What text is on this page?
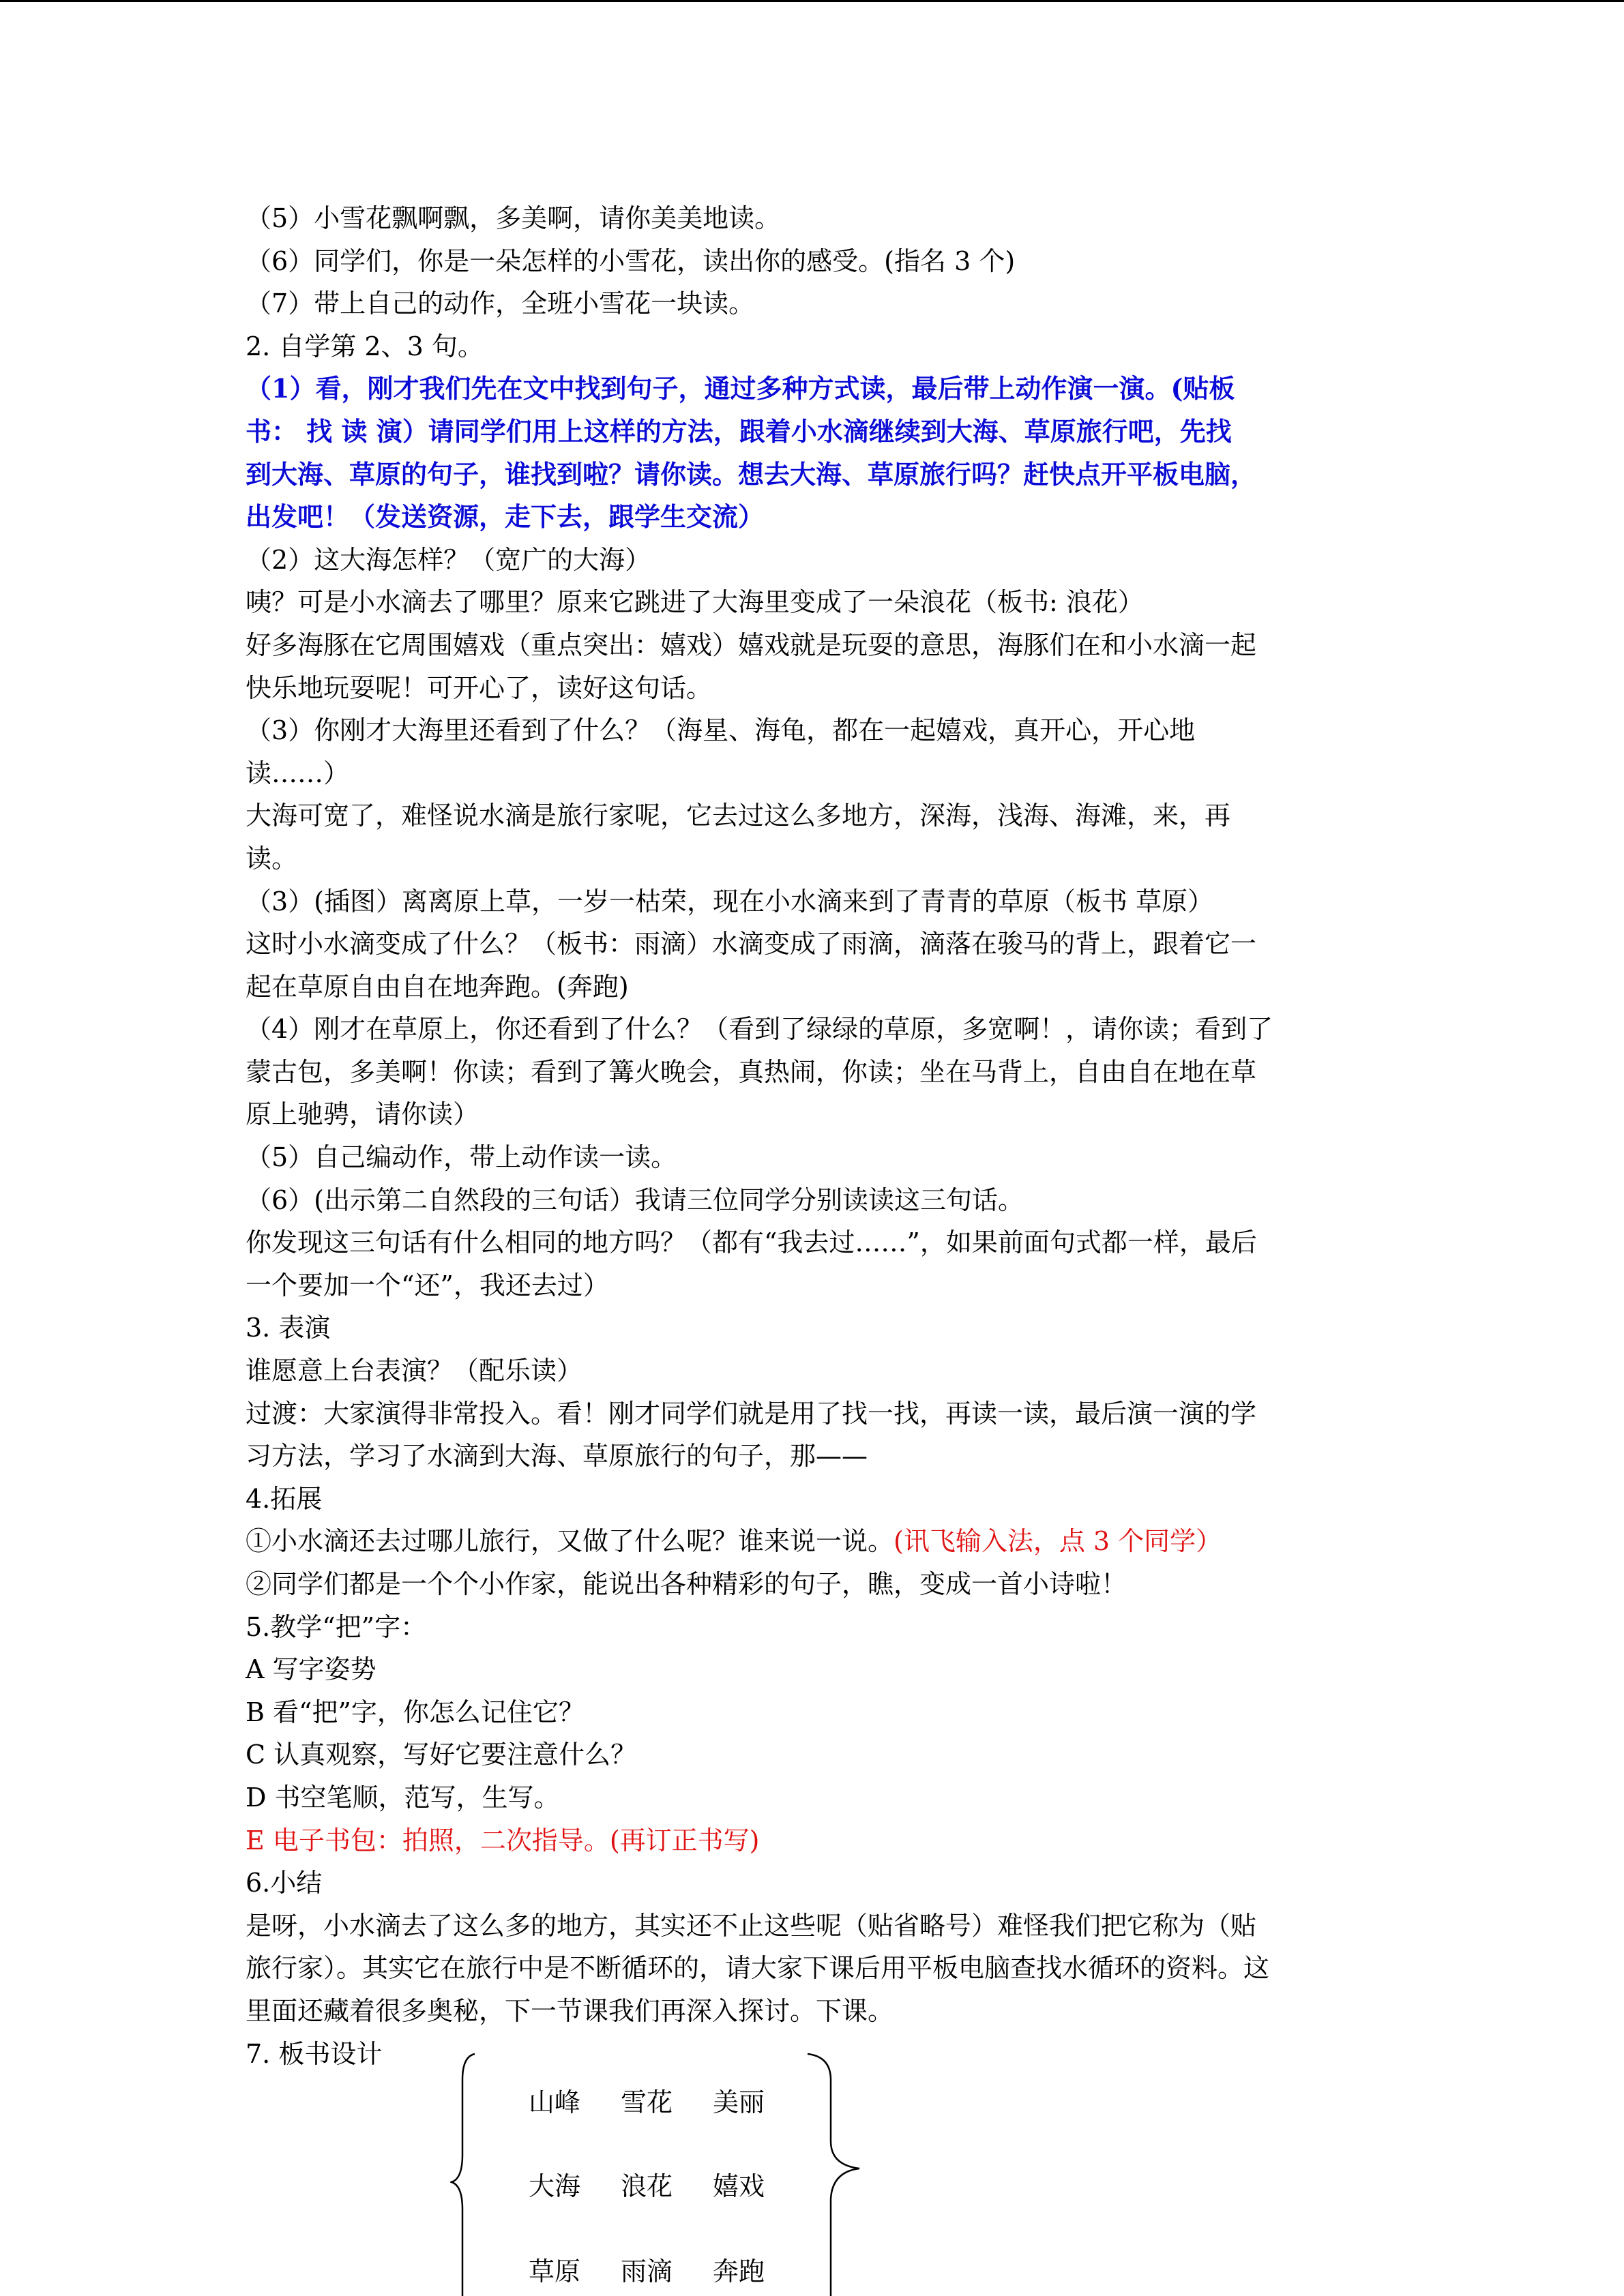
（5）小雪花飘啊飘，多美啊，请你美美地读。
（6）同学们，你是一朵怎样的小雪花，读出你的感受。(指名 3 个)
（7）带上自己的动作，全班小雪花一块读。
2. 自学第 2、3 句。
（1）看，刚才我们先在文中找到句子，通过多种方式读，最后带上动作演一演。(贴板
书： 找 读 演）请同学们用上这样的方法，跟着小水滴继续到大海、草原旅行吧，先找
到大海、草原的句子，谁找到啦？请你读。想去大海、草原旅行吗？赶快点开平板电脑，
出发吧！（发送资源，走下去，跟学生交流）
（2）这大海怎样？（宽广的大海）
咦？可是小水滴去了哪里？原来它跳进了大海里变成了一朵浪花（板书: 浪花）
好多海豚在它周围嬉戏（重点突出：嬉戏）嬉戏就是玩耍的意思，海豚们在和小水滴一起
快乐地玩耍呢！可开心了，读好这句话。
（3）你刚才大海里还看到了什么？（海星、海龟，都在一起嬉戏，真开心，开心地
读……）
大海可宽了，难怪说水滴是旅行家呢，它去过这么多地方，深海，浅海、海滩，来，再
读。
（3）(插图）离离原上草，一岁一枯荣，现在小水滴来到了青青的草原（板书 草原）
这时小水滴变成了什么？（板书：雨滴）水滴变成了雨滴，滴落在骏马的背上，跟着它一
起在草原自由自在地奔跑。(奔跑)
（4）刚才在草原上，你还看到了什么？（看到了绿绿的草原，多宽啊！，请你读；看到了
蒙古包，多美啊！你读；看到了篝火晚会，真热闹，你读；坐在马背上，自由自在地在草
原上驰骋，请你读）
（5）自己编动作，带上动作读一读。
（6）(出示第二自然段的三句话）我请三位同学分别读读这三句话。
你发现这三句话有什么相同的地方吗？（都有“我去过……”，如果前面句式都一样，最后
一个要加一个“还”，我还去过）
3. 表演
谁愿意上台表演？（配乐读）
过渡：大家演得非常投入。看！刚才同学们就是用了找一找，再读一读，最后演一演的学
习方法，学习了水滴到大海、草原旅行的句子，那——
4.拓展
①小水滴还去过哪儿旅行，又做了什么呢？谁来说一说。(讯飞输入法，点 3 个同学）
②同学们都是一个个小作家，能说出各种精彩的句子，瞧，变成一首小诗啦！
5.教学“把”字：
A 写字姿势
B 看“把”字，你怎么记住它？
C 认真观察，写好它要注意什么？
D 书空笔顺，范写，生写。
E 电子书包：拍照，二次指导。(再订正书写)
6.小结
是呀，小水滴去了这么多的地方，其实还不止这些呢（贴省略号）难怪我们把它称为（贴
旅行家）。其实它在旅行中是不断循环的，请大家下课后用平板电脑查找水循环的资料。这
里面还藏着很多奥秘，下一节课我们再深入探讨。下课。
7. 板书设计
山峰 雪花 美丽
大海 浪花 嬉戏
草原 雨滴 奔跑
